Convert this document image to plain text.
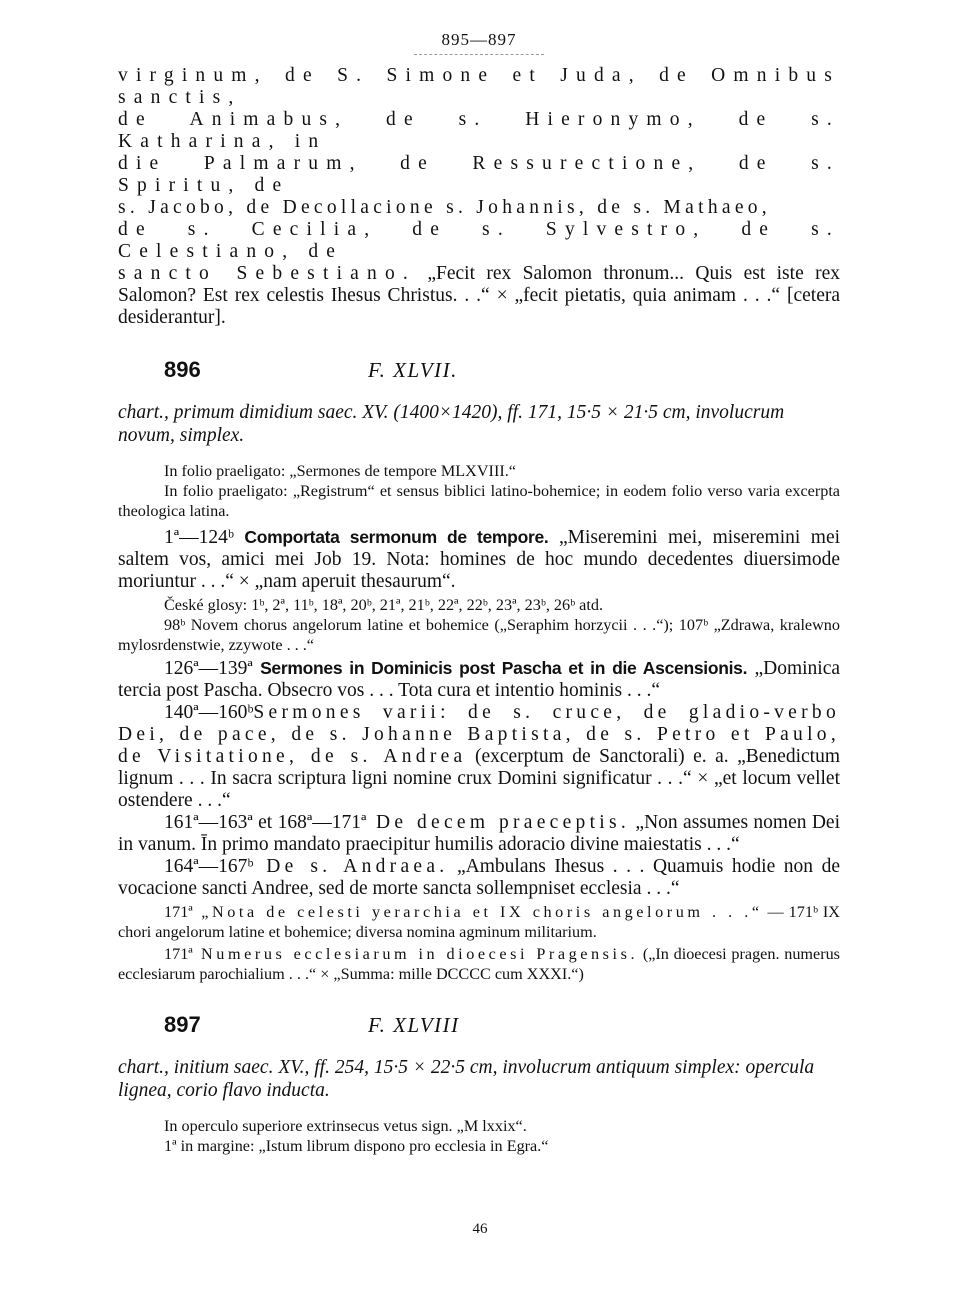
895—897

virginum, de S. Simone et Juda, de Omnibus sanctis,

de Animabus, de s. Hieronymo, de s. Katharina, in

die Palmarum, de Ressurectione, de s. Spiritu, de

s. Jacobo, de Decollacione s. Johannis, de s. Mathaeo,

de s. Cecilia, de s. Sylvestro, de s. Celestiano, de

sancto Sebestiano. „Fecit rex Salomon thronum... Quis est iste rex Salomon? Est rex celestis Ihesus Christus. . .“ × „fecit pietatis, quia animam . . .“ [cetera desiderantur].

896	F. XLVII.

chart., primum dimidium saec. XV. (1400×1420), ff. 171, 15·5 × 21·5 cm, involucrum novum, simplex.

In folio praeligato: „Sermones de tempore MLXVIII.“

In folio praeligato: „Registrum“ et sensus biblici latino-bohemice; in eodem folio verso varia excerpta theologica latina.

1ª—124ᵇ Comportata sermonum de tempore. „Miseremini mei, miseremini mei saltem vos, amici mei Job 19. Nota: homines de hoc mundo decedentes diuersimode moriuntur . . .“ × „nam aperuit thesaurum“.

České glosy: 1ᵇ, 2ª, 11ᵇ, 18ª, 20ᵇ, 21ª, 21ᵇ, 22ª, 22ᵇ, 23ª, 23ᵇ, 26ᵇ atd.

98ᵇ Novem chorus angelorum latine et bohemice („Seraphim horzycii . . .“); 107ᵇ „Zdrawa, kralewno mylosrdenstwie, zzywote . . .“

126ª—139ª Sermones in Dominicis post Pascha et in die Ascensionis. „Dominica tercia post Pascha. Obsecro vos . . . Tota cura et intentio hominis . . .“

140ª—160ᵇSermones varii: de s. cruce, de gladio-verbo Dei, de pace, de s. Johanne Baptista, de s. Petro et Paulo, de Visitatione, de s. Andrea (excerptum de Sanctorali) e. a. „Benedictum lignum . . . In sacra scriptura ligni nomine crux Domini significatur . . .“ × „et locum vellet ostendere . . .“

161ª—163ª et 168ª—171ª De decem praeceptis. „Non assumes nomen Dei in vanum. Īn primo mandato praecipitur humilis adoracio divine maiestatis . . .“

164ª—167ᵇ De s. Andraea. „Ambulans Ihesus . . . Quamuis hodie non de vocacione sancti Andree, sed de morte sancta sollempniset ecclesia . . .“

171ª „Nota de celesti yerarchia et IX choris angelorum . . .“ — 171ᵇ IX chori angelorum latine et bohemice; diversa nomina agminum militarium.

171ª Numerus ecclesiarum in dioecesi Pragensis. („In dioecesi pragen. numerus ecclesiarum parochialium . . .“ × „Summa: mille DCCCC cum XXXI.“)

897	F. XLVIII

chart., initium saec. XV., ff. 254, 15·5 × 22·5 cm, involucrum antiquum simplex: opercula lignea, corio flavo inducta.

In operculo superiore extrinsecus vetus sign. „M lxxix“.

1ª in margine: „Istum librum dispono pro ecclesia in Egra.“

46
